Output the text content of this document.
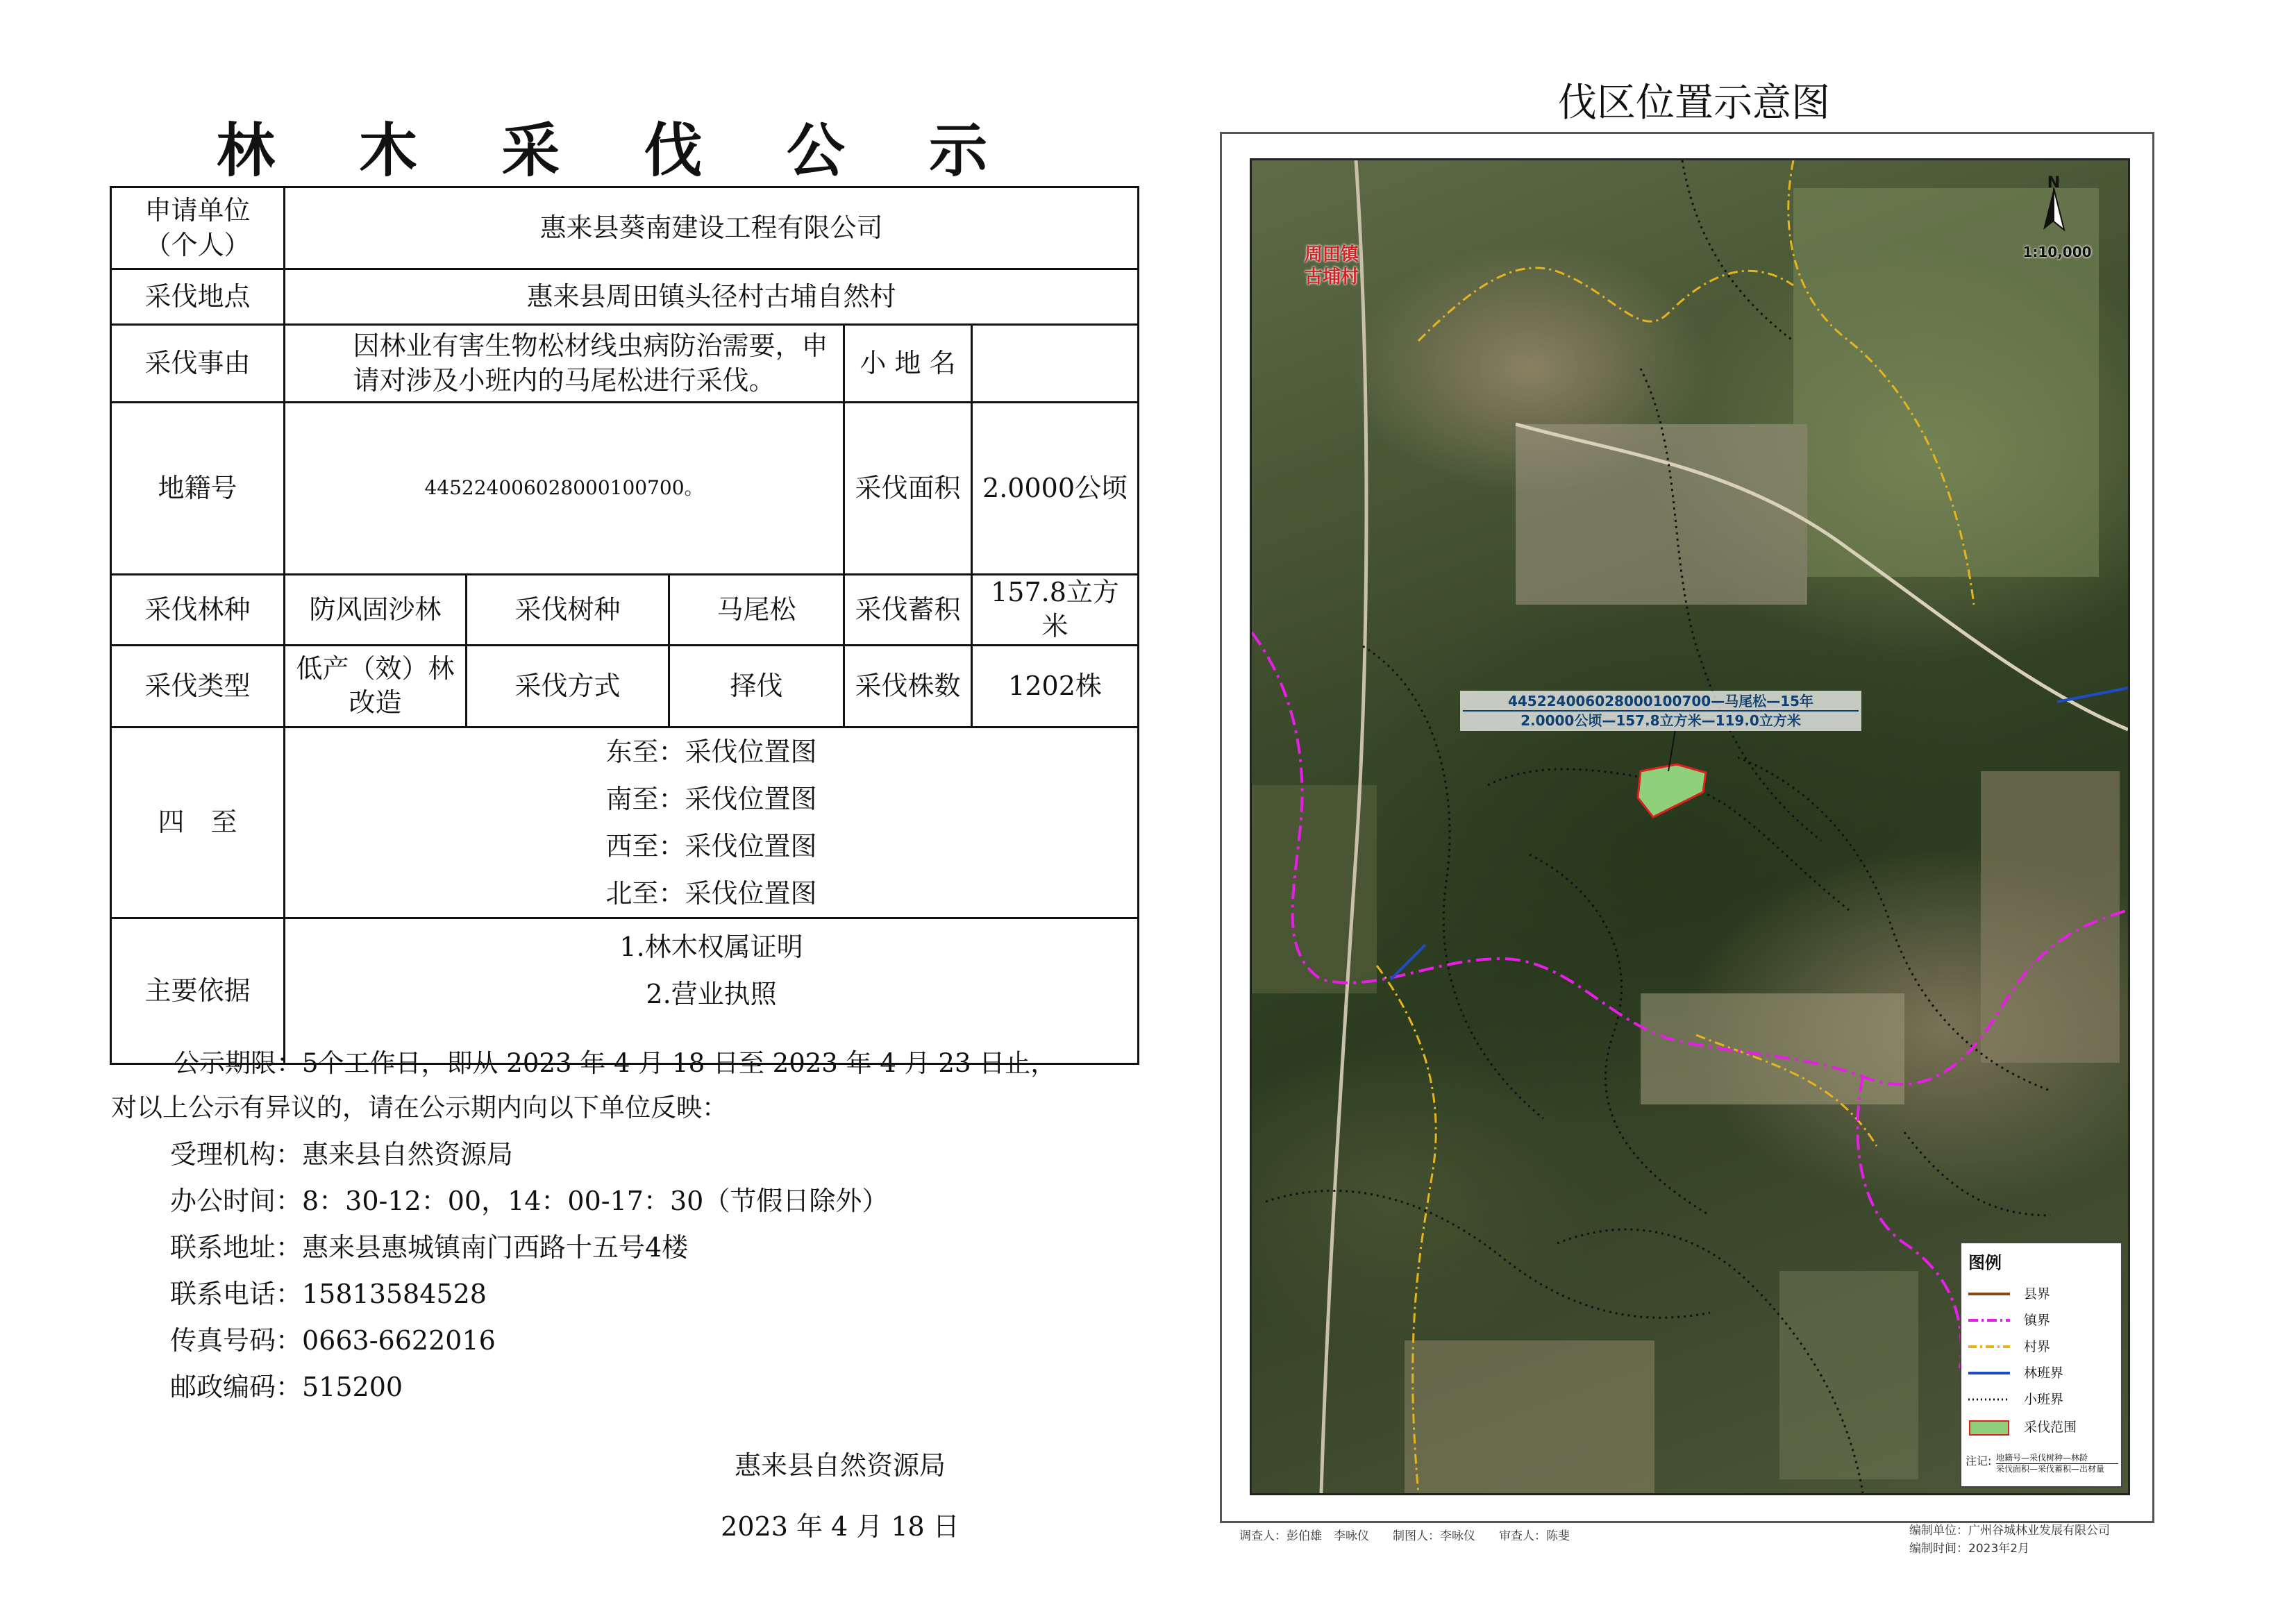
林 木 采 伐 公 示
申请单位
（个人）	惠来县葵南建设工程有限公司				
采伐地点	惠来县周田镇头径村古埔自然村				
采伐事由	因林业有害生物松材线虫病防治需要，申请对涉及小班内的马尾松进行采伐。			小 地 名	
地籍号	445224006028000100700。			采伐面积	2.0000公顷
采伐林种	防风固沙林	采伐树种	马尾松	采伐蓄积	157.8立方米
采伐类型	低产（效）林改造	采伐方式	择伐	采伐株数	1202株
四　至	东至：采伐位置图
南至：采伐位置图
西至：采伐位置图
北至：采伐位置图				

主要依据	1.林木权属证明
2.营业执照				
公示期限：5个工作日，即从 2023 年 4 月 18 日至 2023 年 4 月 23 日止，
对以上公示有异议的，请在公示期内向以下单位反映：
受理机构：惠来县自然资源局
办公时间：8：30-12：00，14：00-17：30（节假日除外）
联系地址：惠来县惠城镇南门西路十五号4楼
联系电话：15813584528
传真号码：0663-6622016
邮政编码：515200
惠来县自然资源局
2023 年 4 月 18 日
伐区位置示意图
周田镇
古埔村
N
1:10,000
445224006028000100700—马尾松—15年
2.0000公顷—157.8立方米—119.0立方米
图例
县界
镇界
村界
林班界
小班界
采伐范围
注记: 地籍号—采伐树种—林龄
采伐面积—采伐蓄积—出材量
调查人：彭伯雄　李咏仪　　制图人：李咏仪　　审查人：陈斐	编制单位：广州谷城林业发展有限公司
编制时间：2023年2月
